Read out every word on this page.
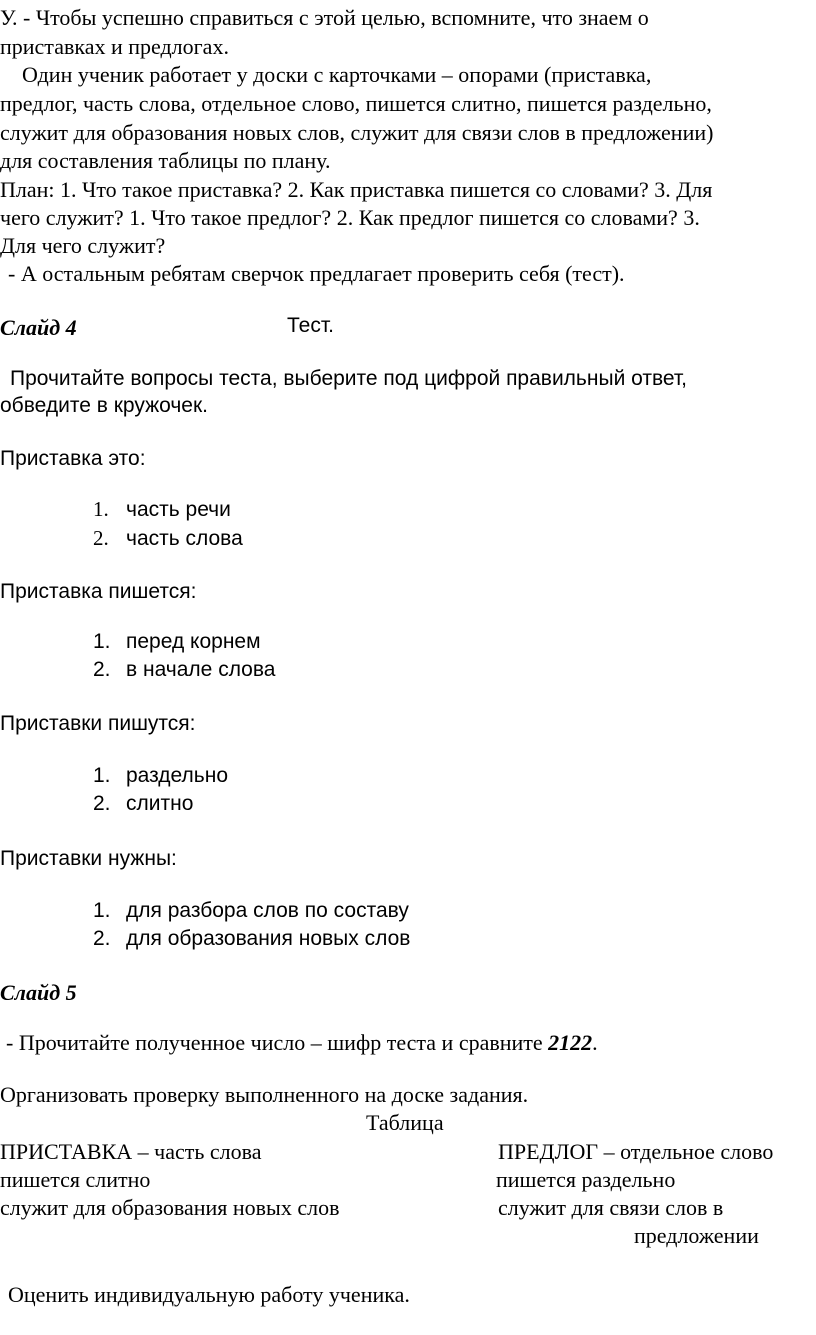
У. - Чтобы успешно справиться с этой целью, вспомните, что знаем о
приставках и предлогах.
Один ученик работает у доски с карточками – опорами (приставка,
предлог, часть слова, отдельное слово, пишется слитно, пишется раздельно,
служит для образования новых слов, служит для связи слов в предложении)
для составления таблицы по плану.
План: 1. Что такое приставка? 2. Как приставка пишется со словами? 3. Для
чего служит? 1. Что такое предлог? 2. Как предлог пишется со словами? 3.
Для чего служит?
- А остальным ребятам сверчок предлагает проверить себя (тест).
Слайд 4	Тест.
Прочитайте вопросы теста, выберите под цифрой правильный ответ,
обведите в кружочек.
Приставка это:
1. часть речи
2. часть слова
Приставка пишется:
1. перед корнем
2. в начале слова
Приставки пишутся:
1. раздельно
2. слитно
Приставки нужны:
1. для разбора слов по составу
2. для образования новых слов
Слайд 5
- Прочитайте полученное число – шифр теста и сравните 2122.
Организовать проверку выполненного на доске задания.
Таблица
ПРИСТАВКА – часть слова
пишется слитно
служит для образования новых слов
ПРЕДЛОГ – отдельное слово
пишется раздельно
служит для связи слов в
предложении
Оценить индивидуальную работу ученика.
